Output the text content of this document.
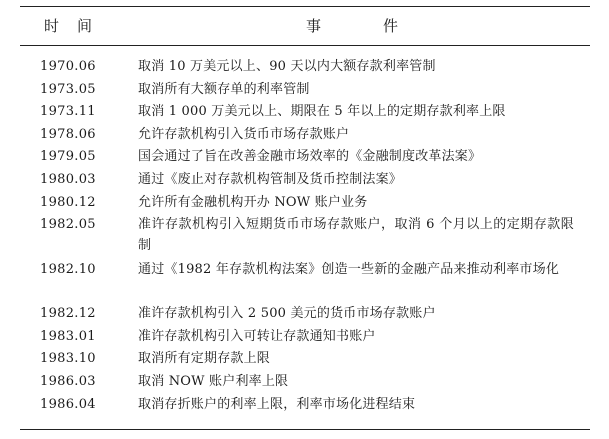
时间	事件
1970.06	取消 10 万美元以上、90 天以内大额存款利率管制
1973.05	取消所有大额存单的利率管制
1973.11	取消 1 000 万美元以上、期限在 5 年以上的定期存款利率上限
1978.06	允许存款机构引入货币市场存款账户
1979.05	国会通过了旨在改善金融市场效率的《金融制度改革法案》
1980.03	通过《废止对存款机构管制及货币控制法案》
1980.12	允许所有金融机构开办 NOW 账户业务
1982.05	准许存款机构引入短期货币市场存款账户，取消 6 个月以上的定期存款限制
1982.10	通过《1982 年存款机构法案》创造一些新的金融产品来推动利率市场化
1982.12	准许存款机构引入 2 500 美元的货币市场存款账户
1983.01	准许存款机构引入可转让存款通知书账户
1983.10	取消所有定期存款上限
1986.03	取消 NOW 账户利率上限
1986.04	取消存折账户的利率上限，利率市场化进程结束
